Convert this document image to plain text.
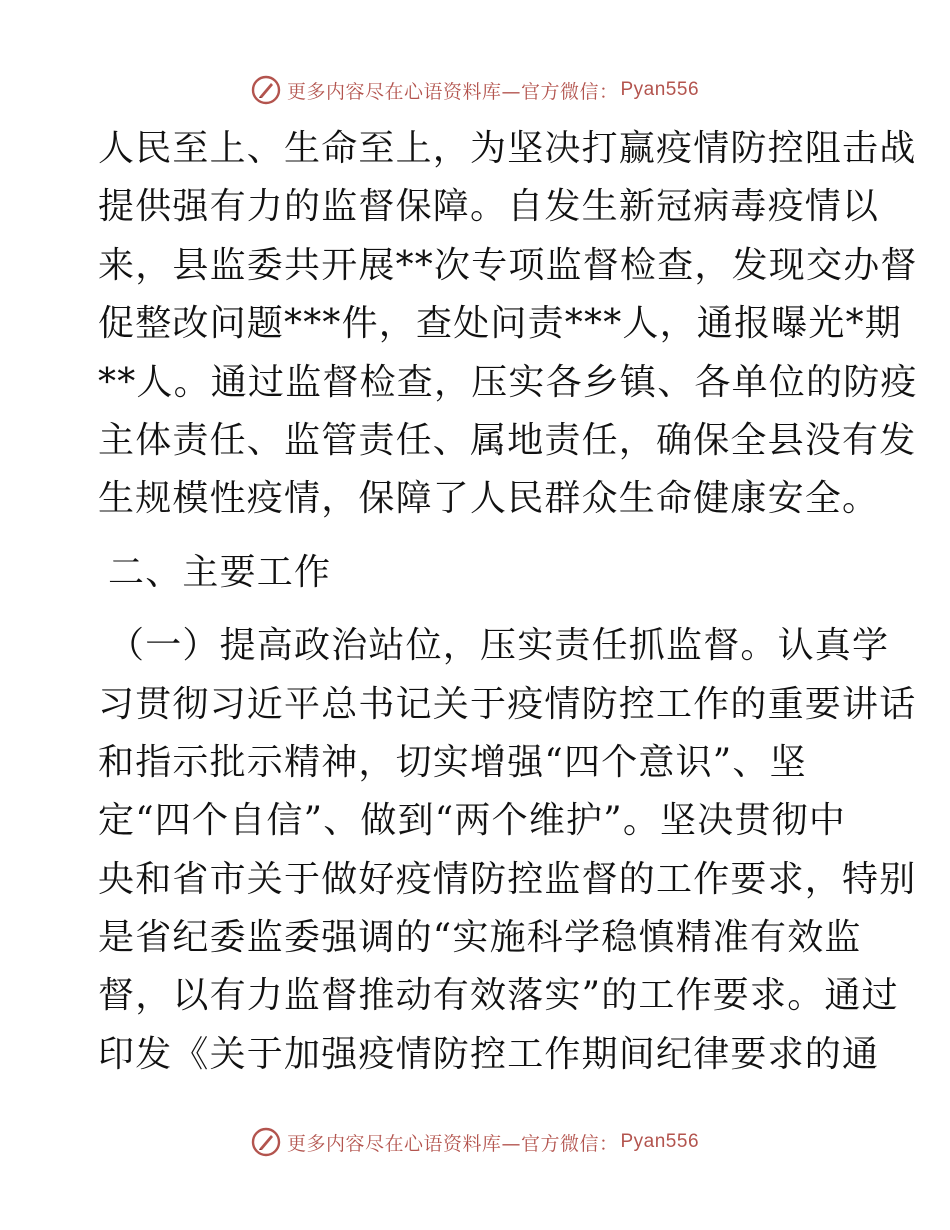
更多内容尽在心语资料库—官方微信： Pyan556
人民至上、生命至上，为坚决打赢疫情防控阻击战
提供强有力的监督保障。自发生新冠病毒疫情以
来，县监委共开展**次专项监督检查，发现交办督
促整改问题***件，查处问责***人，通报曝光*期
**人。通过监督检查，压实各乡镇、各单位的防疫
主体责任、监管责任、属地责任，确保全县没有发
生规模性疫情，保障了人民群众生命健康安全。
二、主要工作
（一）提高政治站位，压实责任抓监督。认真学
习贯彻习近平总书记关于疫情防控工作的重要讲话
和指示批示精神，切实增强“四个意识”、坚
定“四个自信”、做到“两个维护”。坚决贯彻中
央和省市关于做好疫情防控监督的工作要求，特别
是省纪委监委强调的“实施科学稳慎精准有效监
督，以有力监督推动有效落实”的工作要求。通过
印发《关于加强疫情防控工作期间纪律要求的通
更多内容尽在心语资料库—官方微信： Pyan556
